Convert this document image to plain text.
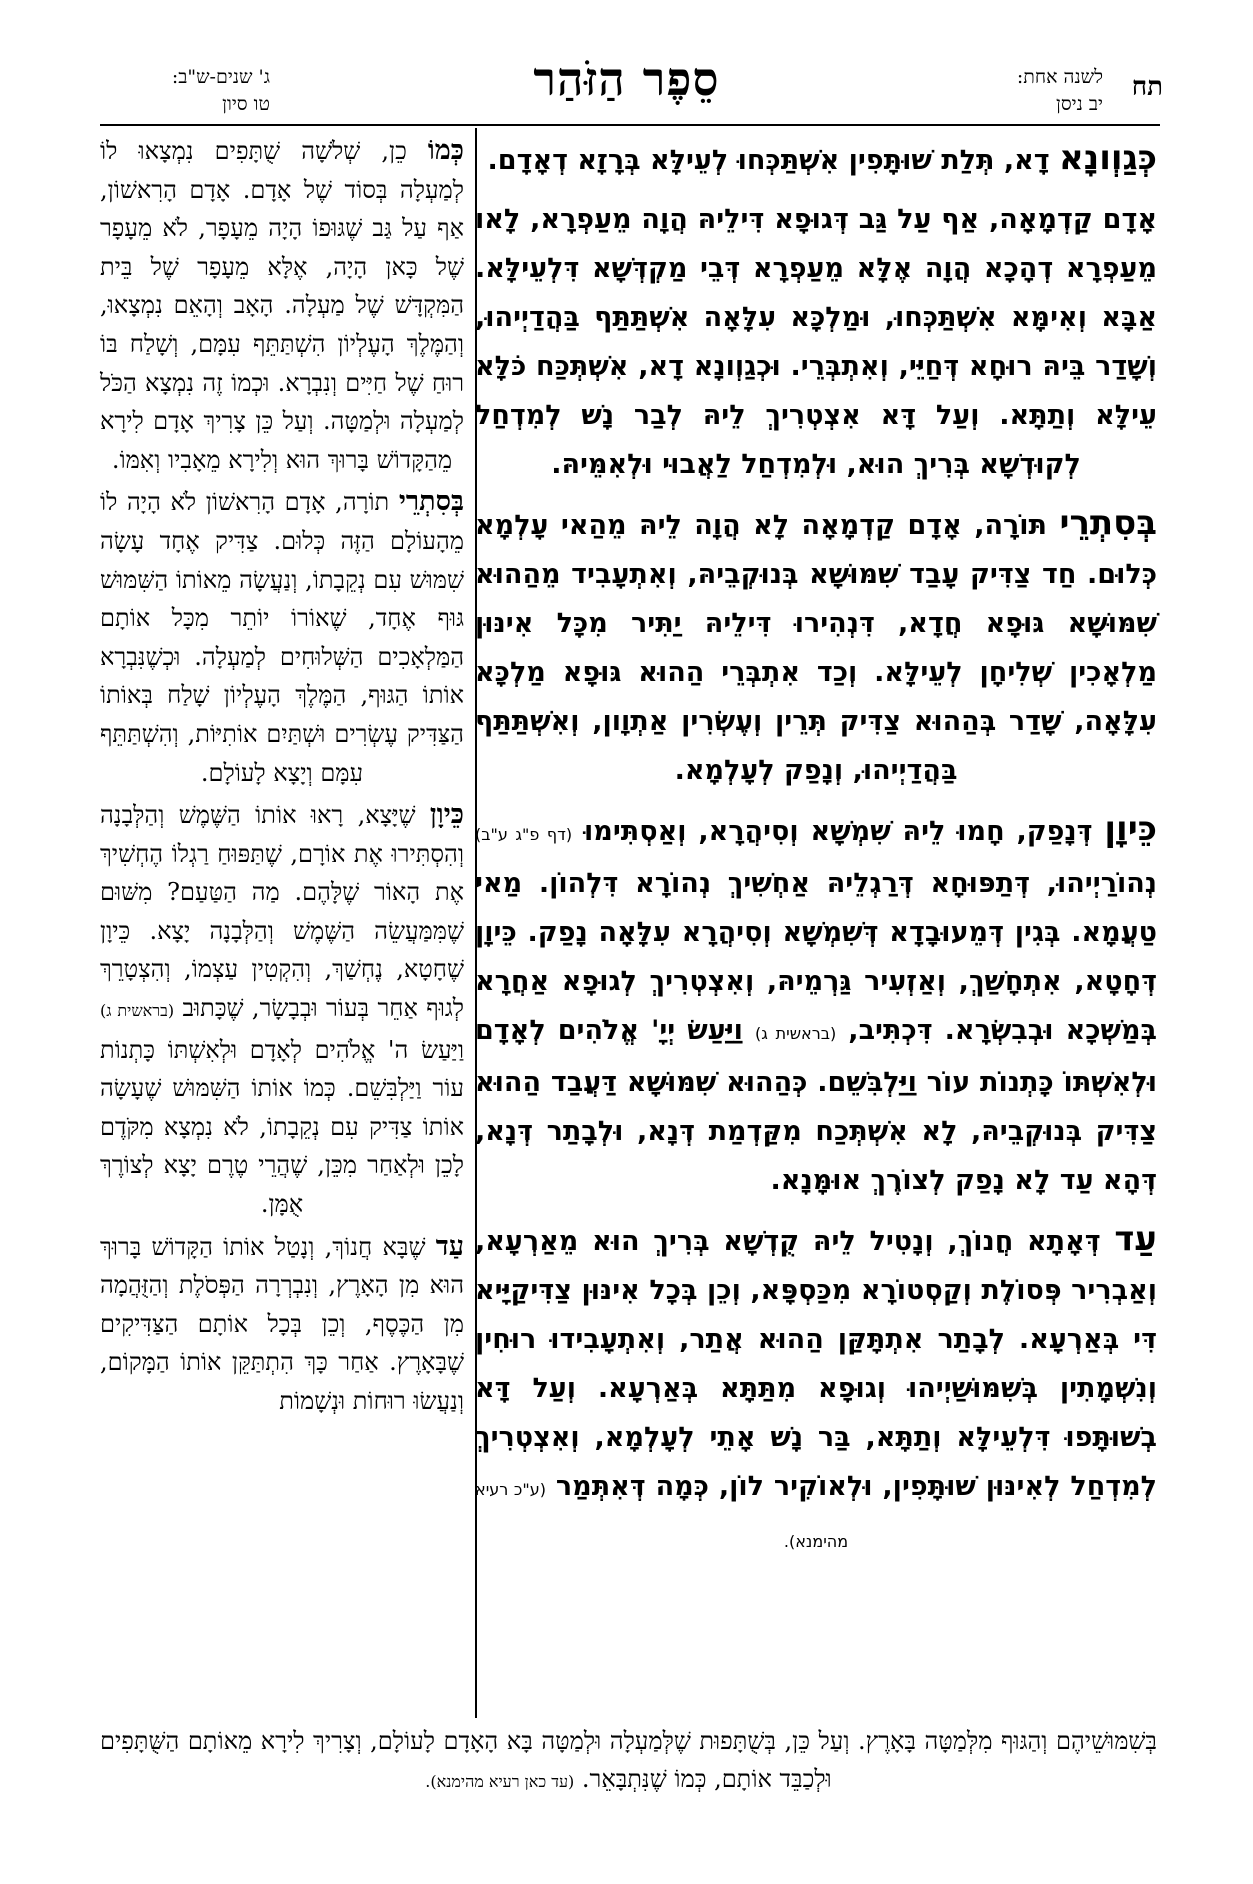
תח
לשנה אחת:
יב ניסן
סֵפֶר הַזֹּהַר
ג' שנים-ש"ב:
טו סיון

כְּגַוְונָא דָא, תְּלַת שׁוּתָּפִין אִשְׁתַּכְּחוּ לְעֵילָּא בְּרָזָא דְאָדָם.

אָדָם קַדְמָאָה, אַף עַל גַּב דְּגוּפָא דִּילֵיהּ הֲוָה מֵעַפְרָא, לָאו מֵעַפְרָא דְהָכָא הֲוָה אֶלָּא מֵעַפְרָא דְּבֵי מַקְדְּשָׁא דִּלְעֵילָּא. אַבָּא וְאִימָּא אִשְׁתַּכְּחוּ, וּמַלְכָּא עִלָּאָה אִשְׁתַּתַּף בַּהֲדַיְיהוּ, וְשָׁדַר בֵּיהּ רוּחָא דְּחַיֵּי, וְאִתְבְּרֵי. וּכְגַוְונָא דָא, אִשְׁתְּכַּח כֹּלָּא עֵילָּא וְתַתָּא. וְעַל דָּא אִצְטְרִיךְ לֵיהּ לְבַר נָשׁ לְמִדְחַל לְקוּדְשָׁא בְּרִיךְ הוּא, וּלְמִדְחַל לַאֲבוּי וּלְאִמֵּיהּ.

בְּסִתְרֵי תּוֹרָה, אָדָם קַדְמָאָה לָא הֲוָה לֵיהּ מֵהַאי עָלְמָא כְּלוּם. חַד צַדִּיק עָבַד שִׁמּוּשָׁא בְּנוּקְבֵיהּ, וְאִתְעָבִיד מֵהַהוּא שִׁמּוּשָׁא גּוּפָא חֲדָא, דִּנְהִירוּ דִּילֵיהּ יַתִּיר מִכָּל אִינּוּן מַלְאָכִין שְׁלִיחָן לְעֵילָּא. וְכַד אִתְבְּרֵי הַהוּא גּוּפָא מַלְכָּא עִלָּאָה, שָׁדַר בְּהַהוּא צַדִּיק תְּרֵין וְעֶשְׂרִין אַתְוָון, וְאִשְׁתַּתַּף בַּהֲדַיְיהוּ, וְנָפַק לְעָלְמָא.

כֵּיוָן דְּנָפַק, חָמוּ לֵיהּ שִׁמְשָׁא וְסִיהֲרָא, וְאַסְתִּימוּ (דף פ"ג ע"ב) נְהוֹרַיְיהוּ, דְּתַפּוּחָא דְּרַגְלֵיהּ אַחְשִׁיךְ נְהוֹרָא דִּלְהוֹן. מַאי טַעֲמָא. בְּגִין דְּמֵעוּבָדָא דְּשִׁמְשָׁא וְסִיהֲרָא עִלָּאָה נָפַק. כֵּיוָן דְּחָטָא, אִתְחָשַׁךְ, וְאַזְעִיר גַּרְמֵיהּ, וְאִצְטְרִיךְ לְגוּפָא אַחֲרָא בְּמַשְׁכָא וּבְבִשְׂרָא. דִּכְתִּיב, (בראשית ג) וַיַּעַשׂ יְיָ' אֱלֹהִים לְאָדָם וּלְאִשְׁתּוֹ כָּתְנוֹת עוֹר וַיַּלְבִּשֵׁם. כְּהַהוּא שִׁמּוּשָׁא דַּעֲבַד הַהוּא צַדִּיק בְּנוּקְבֵיהּ, לָא אִשְׁתְּכַח מִקַּדְמַת דְּנָא, וּלְבָתַר דְּנָא, דְּהָא עַד לָא נָפַק לְצוֹרֶךְ אוּמָּנָא.

עַד דְּאָתָא חֲנוֹךְ, וְנָטִיל לֵיהּ קֻדְשָׁא בְּרִיךְ הוּא מֵאַרְעָא, וְאַבְרִיר פְּסוֹלֶת וְקַסְטוֹרָא מִכַּסְפָּא, וְכֵן בְּכָל אִינּוּן צַדִּיקַיָּיא דִּי בְּאַרְעָא. לְבָתַר אִתְתָּקַּן הַהוּא אֲתַר, וְאִתְעָבִידוּ רוּחִין וְנִשְׁמָתִין בְּשִׁמּוּשַׁיְיהוּ וְגוּפָא מִתַּתָּא בְּאַרְעָא. וְעַל דָּא בְשׁוּתָּפוּ דִּלְעֵילָּא וְתַתָּא, בַּר נָשׁ אָתֵי לְעָלְמָא, וְאִצְטְרִיךְ לְמִדְחַל לְאִינּוּן שׁוּתָּפִין, וּלְאוֹקִיר לוֹן, כְּמָה דְּאִתְּמַר (ע"כ רעיא מהימנא).

כְּמוֹ כֵן, שְׁלֹשָׁה שֻׁתָּפִים נִמְצָאוּ לוֹ לְמַעְלָה בְּסוֹד שֶׁל אָדָם. אָדָם הָרִאשׁוֹן, אַף עַל גַּב שֶׁגּוּפוֹ הָיָה מֵעָפָר, לֹא מֵעָפָר שֶׁל כָּאן הָיָה, אֶלָּא מֵעָפָר שֶׁל בֵּית הַמִּקְדָּשׁ שֶׁל מַעְלָה. הָאָב וְהָאֵם נִמְצָאוּ, וְהַמֶּלֶךְ הָעֶלְיוֹן הִשְׁתַּתֵּף עִמָּם, וְשָׁלַח בּוֹ רוּחַ שֶׁל חַיִּים וְנִבְרָא. וּכְמוֹ זֶה נִמְצָא הַכֹּל לְמַעְלָה וּלְמַטָּה. וְעַל כֵּן צָרִיךְ אָדָם לִירָא מֵהַקָּדוֹשׁ בָּרוּךְ הוּא וְלִירָא מֵאָבִיו וְאִמּוֹ.

בְּסִתְרֵי תוֹרָה, אָדָם הָרִאשׁוֹן לֹא הָיָה לוֹ מֵהָעוֹלָם הַזֶּה כְּלוּם. צַדִּיק אֶחָד עָשָׂה שִׁמּוּשׁ עִם נְקֵבָתוֹ, וְנַעֲשָׂה מֵאוֹתוֹ הַשִּׁמּוּשׁ גּוּף אֶחָד, שֶׁאוֹרוֹ יוֹתֵר מִכָּל אוֹתָם הַמַּלְאָכִים הַשְּׁלוּחִים לְמַעְלָה. וּכְשֶׁנִּבְרָא אוֹתוֹ הַגּוּף, הַמֶּלֶךְ הָעֶלְיוֹן שָׁלַח בְּאוֹתוֹ הַצַּדִּיק עֶשְׂרִים וּשְׁתַּיִם אוֹתִיּוֹת, וְהִשְׁתַּתֵּף עִמָּם וְיָצָא לָעוֹלָם.

כֵּיוָן שֶׁיָּצָא, רָאוּ אוֹתוֹ הַשֶּׁמֶשׁ וְהַלְּבָנָה וְהִסְתִּירוּ אֶת אוֹרָם, שֶׁתַּפּוּחַ רַגְלוֹ הֶחְשִׁיךְ אֶת הָאוֹר שֶׁלָּהֶם. מַה הַטַּעַם? מִשּׁוּם שֶׁמִּמַּעֲשֵׂה הַשֶּׁמֶשׁ וְהַלְּבָנָה יָצָא. כֵּיוָן שֶׁחָטָא, נֶחְשַׁךְ, וְהִקְטִין עַצְמוֹ, וְהִצְטָרֵךְ לְגוּף אַחֵר בְּעוֹר וּבְבָשָׂר, שֶׁכָּתוּב (בראשית ג) וַיַּעַשׂ ה' אֱלֹהִים לְאָדָם וּלְאִשְׁתּוֹ כָּתְנוֹת עוֹר וַיַּלְבִּשֵׁם. כְּמוֹ אוֹתוֹ הַשִּׁמּוּשׁ שֶׁעָשָׂה אוֹתוֹ צַדִּיק עִם נְקֵבָתוֹ, לֹא נִמְצָא מִקֹּדֶם לָכֵן וּלְאַחַר מִכֵּן, שֶׁהֲרֵי טֶרֶם יָצָא לְצוֹרֶךְ אֻמָּן.

עַד שֶׁבָּא חֲנוֹךְ, וְנָטַל אוֹתוֹ הַקָּדוֹשׁ בָּרוּךְ הוּא מִן הָאָרֶץ, וְנִבְרְרָה הַפְּסֹלֶת וְהַזֻּהֲמָה מִן הַכֶּסֶף, וְכֵן בְּכָל אוֹתָם הַצַּדִּיקִים שֶׁבָּאָרֶץ. אַחַר כָּךְ הִתְתַּקֵּן אוֹתוֹ הַמָּקוֹם, וְנַעֲשׂוּ רוּחוֹת וּנְשָׁמוֹת

בְּשִׁמּוּשֵׁיהֶם וְהַגּוּף מִלְּמַטָּה בָּאָרֶץ. וְעַל כֵּן, בְּשֻׁתָּפוּת שֶׁלְּמַעְלָה וּלְמַטָּה בָּא הָאָדָם לָעוֹלָם, וְצָרִיךְ לִירָא מֵאוֹתָם הַשֻּׁתָּפִים וּלְכַבֵּד אוֹתָם, כְּמוֹ שֶׁנִּתְבָּאֵר. (עד כאן רעיא מהימנא).
